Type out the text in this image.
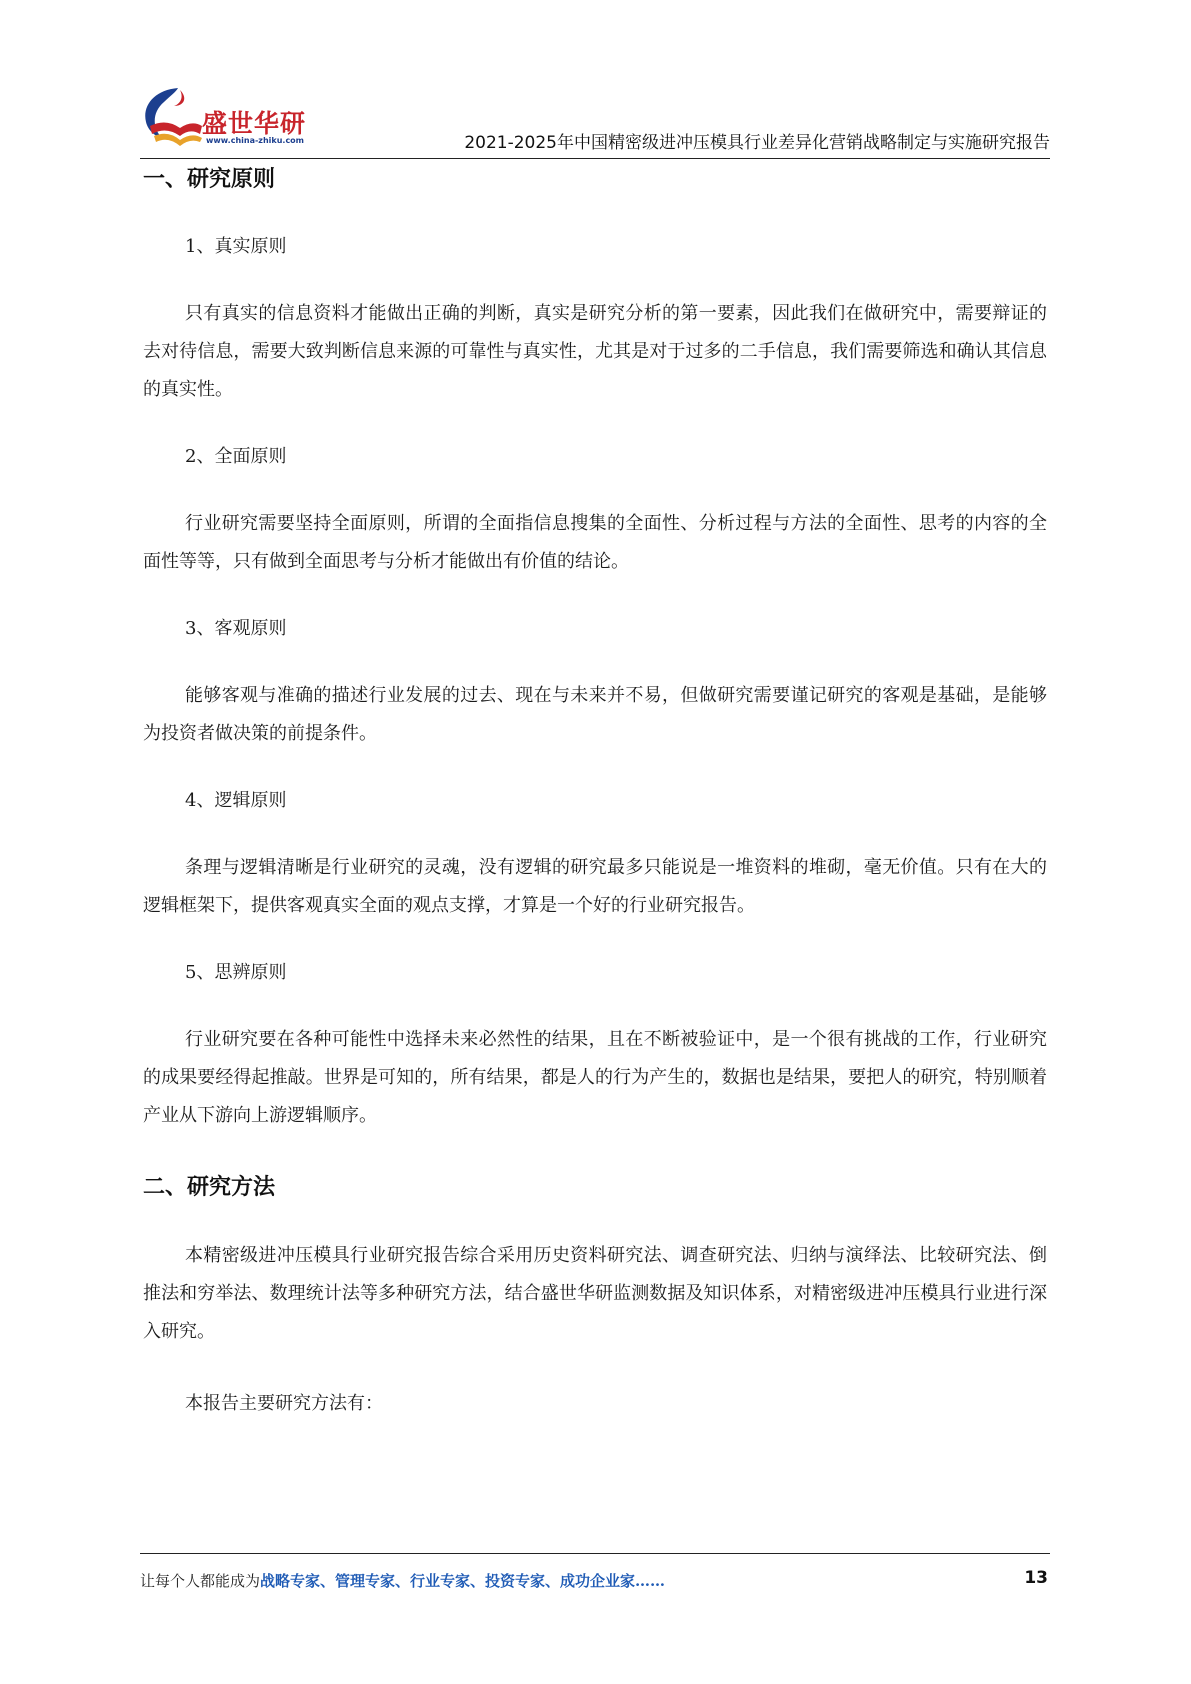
盛世华研
www.china-zhiku.com	2021-2025年中国精密级进冲压模具行业差异化营销战略制定与实施研究报告
一、研究原则

1、真实原则

只有真实的信息资料才能做出正确的判断，真实是研究分析的第一要素，因此我们在做研究中，需要辩证的去对待信息，需要大致判断信息来源的可靠性与真实性，尤其是对于过多的二手信息，我们需要筛选和确认其信息的真实性。

2、全面原则

行业研究需要坚持全面原则，所谓的全面指信息搜集的全面性、分析过程与方法的全面性、思考的内容的全面性等等，只有做到全面思考与分析才能做出有价值的结论。

3、客观原则

能够客观与准确的描述行业发展的过去、现在与未来并不易，但做研究需要谨记研究的客观是基础，是能够为投资者做决策的前提条件。

4、逻辑原则

条理与逻辑清晰是行业研究的灵魂，没有逻辑的研究最多只能说是一堆资料的堆砌，毫无价值。只有在大的逻辑框架下，提供客观真实全面的观点支撑，才算是一个好的行业研究报告。

5、思辨原则

行业研究要在各种可能性中选择未来必然性的结果，且在不断被验证中，是一个很有挑战的工作，行业研究的成果要经得起推敲。世界是可知的，所有结果，都是人的行为产生的，数据也是结果，要把人的研究，特别顺着产业从下游向上游逻辑顺序。

二、研究方法

本精密级进冲压模具行业研究报告综合采用历史资料研究法、调查研究法、归纳与演绎法、比较研究法、倒推法和穷举法、数理统计法等多种研究方法，结合盛世华研监测数据及知识体系，对精密级进冲压模具行业进行深入研究。

本报告主要研究方法有：

让每个人都能成为战略专家、管理专家、行业专家、投资专家、成功企业家……	13
